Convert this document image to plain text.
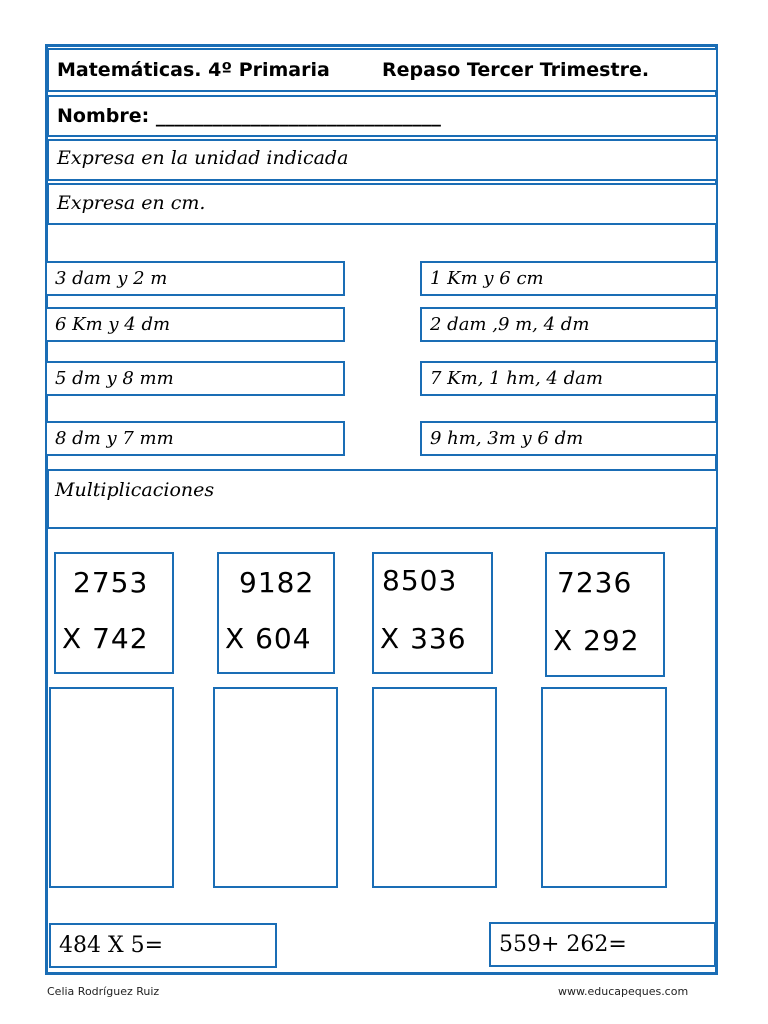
Matemáticas. 4º Primaria	Repaso Tercer Trimestre.
Nombre: ______________________________
Expresa en la unidad indicada
Expresa en cm.
3 dam y 2 m	1 Km y 6 cm
6 Km y 4 dm	2 dam ,9 m, 4 dm
5 dm y 8 mm	7 Km, 1 hm, 4 dam
8 dm y 7 mm	9 hm, 3m y 6 dm
Multiplicaciones
2753
X 742
9182
X 604
8503
X 336
7236
X 292
484 X 5=	559+ 262=
Celia Rodríguez Ruiz	www.educapeques.com
